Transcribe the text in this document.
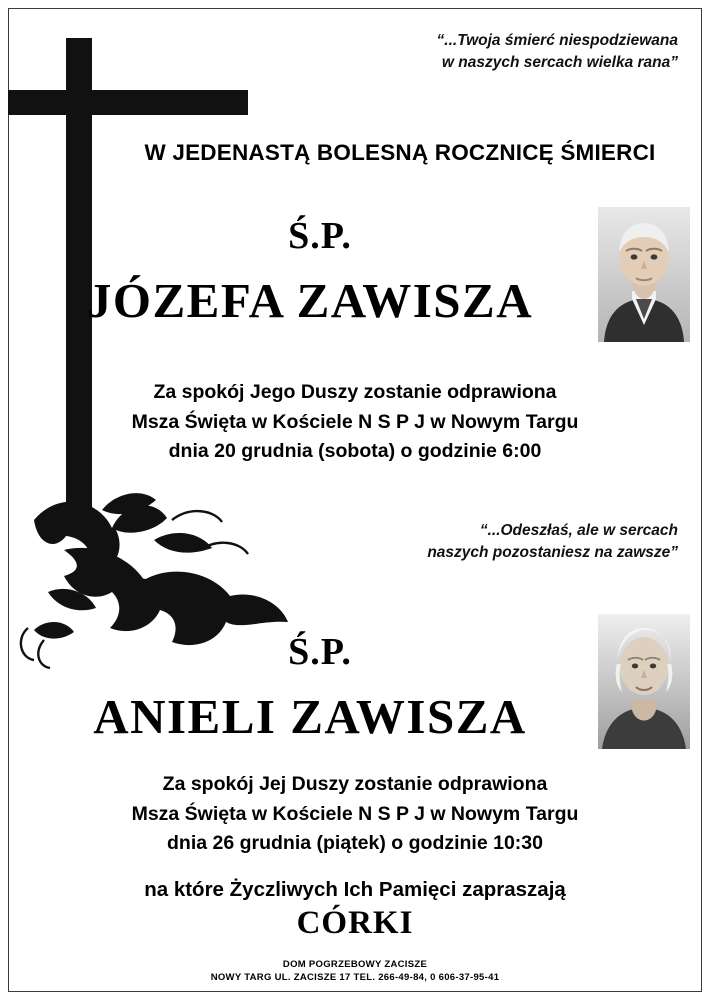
“...Twoja śmierć niespodziewana
w naszych sercach wielka rana”
W JEDENASTĄ BOLESNĄ ROCZNICĘ ŚMIERCI
Ś.P.
JÓZEFA ZAWISZA
Za spokój Jego Duszy zostanie odprawiona
Msza Święta w Kościele N S P J w Nowym Targu
dnia 20 grudnia (sobota) o godzinie 6:00
“...Odeszłaś, ale w sercach
naszych pozostaniesz na zawsze”
Ś.P.
ANIELI ZAWISZA
Za spokój Jej Duszy zostanie odprawiona
Msza Święta w Kościele N S P J w Nowym Targu
dnia 26 grudnia (piątek) o godzinie 10:30
na które Życzliwych Ich Pamięci zapraszają
CÓRKI
DOM POGRZEBOWY ZACISZE
NOWY TARG UL. ZACISZE 17 TEL. 266-49-84, 0 606-37-95-41
